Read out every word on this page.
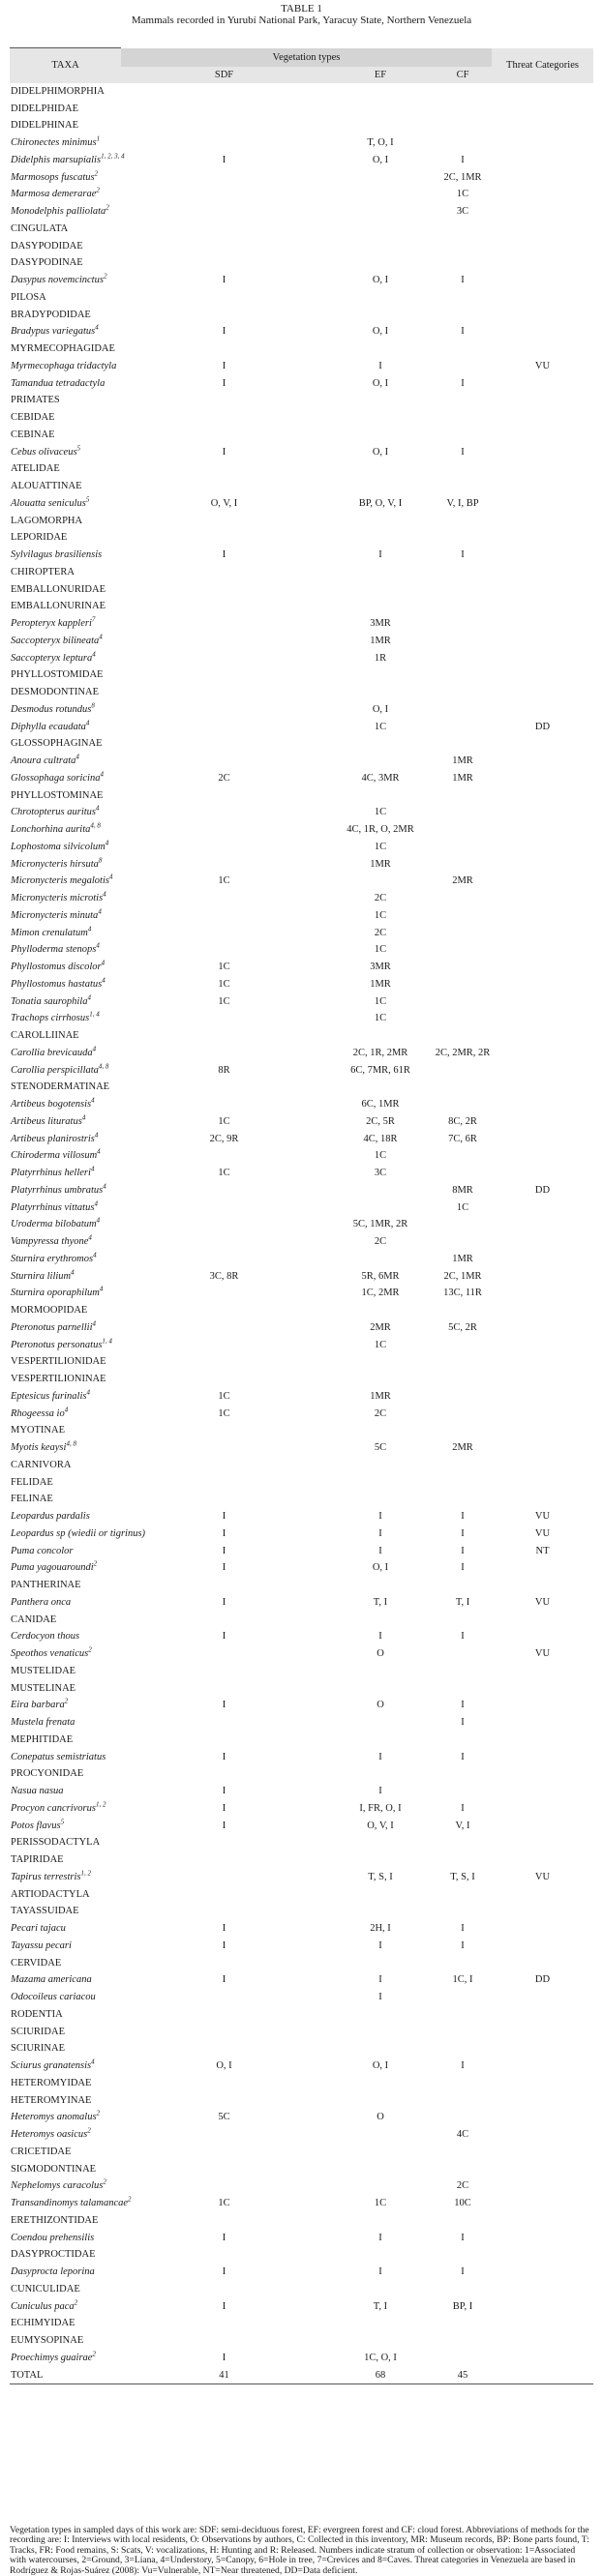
TABLE 1
Mammals recorded in Yurubí National Park, Yaracuy State, Northern Venezuela
TAXA	Vegetation types			Threat Categories
	SDF	EF	CF	
DIDELPHIMORPHIA				
DIDELPHIDAE				
DIDELPHINAE				
Chironectes minimus$^1$		T, O, I		
Didelphis marsupialis$^{1, 2, 3, 4}$	I	O, I	I	
Marmosops fuscatus$^2$			2C, 1MR	
Marmosa demerarae$^2$			1C	
Monodelphis palliolata$^2$			3C	
CINGULATA				
DASYPODIDAE				
DASYPODINAE				
Dasypus novemcinctus$^2$	I	O, I	I	
PILOSA				
BRADYPODIDAE				
Bradypus variegatus$^4$	I	O, I	I	
MYRMECOPHAGIDAE				
Myrmecophaga tridactyla	I	I		VU
Tamandua tetradactyla	I	O, I	I	
PRIMATES				
CEBIDAE				
CEBINAE				
Cebus olivaceus$^5$	I	O, I	I	
ATELIDAE				
ALOUATTINAE				
Alouatta seniculus$^5$	O, V, I	BP, O, V, I	V, I, BP	
LAGOMORPHA				
LEPORIDAE				
Sylvilagus brasiliensis	I	I	I	
CHIROPTERA				
EMBALLONURIDAE				
EMBALLONURINAE				
Peropteryx kappleri$^7$		3MR		
Saccopteryx bilineata$^4$		1MR		
Saccopteryx leptura$^4$		1R		
PHYLLOSTOMIDAE				
DESMODONTINAE				
Desmodus rotundus$^8$		O, I		
Diphylla ecaudata$^4$		1C		DD
GLOSSOPHAGINAE				
Anoura cultrata$^4$			1MR	
Glossophaga soricina$^4$	2C	4C, 3MR	1MR	
PHYLLOSTOMINAE				
Chrotopterus auritus$^4$		1C		
Lonchorhina aurita$^{4, 8}$		4C, 1R, O, 2MR		
Lophostoma silvicolum$^4$		1C		
Micronycteris hirsuta$^8$		1MR		
Micronycteris megalotis$^4$	1C		2MR	
Micronycteris microtis$^4$		2C		
Micronycteris minuta$^4$		1C		
Mimon crenulatum$^4$		2C		
Phylloderma stenops$^4$		1C		
Phyllostomus discolor$^4$	1C	3MR		
Phyllostomus hastatus$^4$	1C	1MR		
Tonatia saurophila$^4$	1C	1C		
Trachops cirrhosus$^{1, 4}$		1C		
CAROLLIINAE				
Carollia brevicauda$^4$		2C, 1R, 2MR	2C, 2MR, 2R	
Carollia perspicillata$^{4, 8}$	8R	6C, 7MR, 61R		
STENODERMATINAE				
Artibeus bogotensis$^4$		6C, 1MR		
Artibeus lituratus$^4$	1C	2C, 5R	8C, 2R	
Artibeus planirostris$^4$	2C, 9R	4C, 18R	7C, 6R	
Chiroderma villosum$^4$		1C		
Platyrrhinus helleri$^4$	1C	3C		
Platyrrhinus umbratus$^4$			8MR	DD
Platyrrhinus vittatus$^4$			1C	
Uroderma bilobatum$^4$		5C, 1MR, 2R		
Vampyressa thyone$^4$		2C		
Sturnira erythromos$^4$			1MR	
Sturnira lilium$^4$	3C, 8R	5R, 6MR	2C, 1MR	
Sturnira oporaphilum$^4$		1C, 2MR	13C, 11R	
MORMOOPIDAE				
Pteronotus parnellii$^4$		2MR	5C, 2R	
Pteronotus personatus$^{1, 4}$		1C		
VESPERTILIONIDAE				
VESPERTILIONINAE				
Eptesicus furinalis$^4$	1C	1MR		
Rhogeessa $io^4$	1C	2C		
MYOTINAE				
Myotis keaysi$^{4, 8}$		5C	2MR	
CARNIVORA				
FELIDAE				
FELINAE				
Leopardus pardalis	I	I	I	VU
Leopardus sp (wiedii or tigrinus)	I	I	I	VU
Puma concolor	I	I	I	NT
Puma yagouaroundi$^2$	I	O, I	I	
PANTHERINAE				
Panthera onca	I	T, I	T, I	VU
CANIDAE				
Cerdocyon thous	I	I	I	
Speothos venaticus$^2$		O		VU
MUSTELIDAE				
MUSTELINAE				
Eira barbara$^2$	I	O	I	
Mustela frenata			I	
MEPHITIDAE				
Conepatus semistriatus	I	I	I	
PROCYONIDAE				
Nasua nasua	I	I		
Procyon cancrivorus$^{1, 2}$	I	I, FR, O, I	I	
Potos flavus$^5$	I	O, V, I	V, I	
PERISSODACTYLA				
TAPIRIDAE				
Tapirus terrestris$^{1, 2}$		T, S, I	T, S, I	VU
ARTIODACTYLA				
TAYASSUIDAE				
Pecari tajacu	I	2H, I	I	
Tayassu pecari	I	I	I	
CERVIDAE				
Mazama americana	I	I	1C, I	DD
Odocoileus cariacou		I		
RODENTIA				
SCIURIDAE				
SCIURINAE				
Sciurus granatensis$^4$	O, I	O, I	I	
HETEROMYIDAE				
HETEROMYINAE				
Heteromys anomalus$^2$	5C	O		
Heteromys oasicus$^2$			4C	
CRICETIDAE				
SIGMODONTINAE				
Nephelomys caracolus$^2$			2C	
Transandinomys talamancae$^2$	1C	1C	10C	
ERETHIZONTIDAE				
Coendou prehensilis	I	I	I	
DASYPROCTIDAE				
Dasyprocta leporina	I	I	I	
CUNICULIDAE				
Cuniculus paca$^2$	I	T, I	BP, I	
ECHIMYIDAE				
EUMYSOPINAE				
Proechimys guairae$^2$	I	1C, O, I		
TOTAL	41	68	45	
Vegetation types in sampled days of this work are: SDF: semi-deciduous forest, EF: evergreen forest and CF: cloud forest. Abbreviations of methods for the recording are: I: Interviews with local residents, O: Observations by authors, C: Collected in this inventory, MR: Museum records, BP: Bone parts found, T: Tracks, FR: Food remains, S: Scats, V: vocalizations, H: Hunting and R: Released. Numbers indicate stratum of collection or observation: 1=Associated with watercourses, 2=Ground, 3=Liana, 4=Understory, 5=Canopy, 6=Hole in tree, 7=Crevices and 8=Caves. Threat categories in Venezuela are based in Rodríguez & Rojas-Suárez (2008): Vu=Vulnerable, NT=Near threatened, DD=Data deficient.
